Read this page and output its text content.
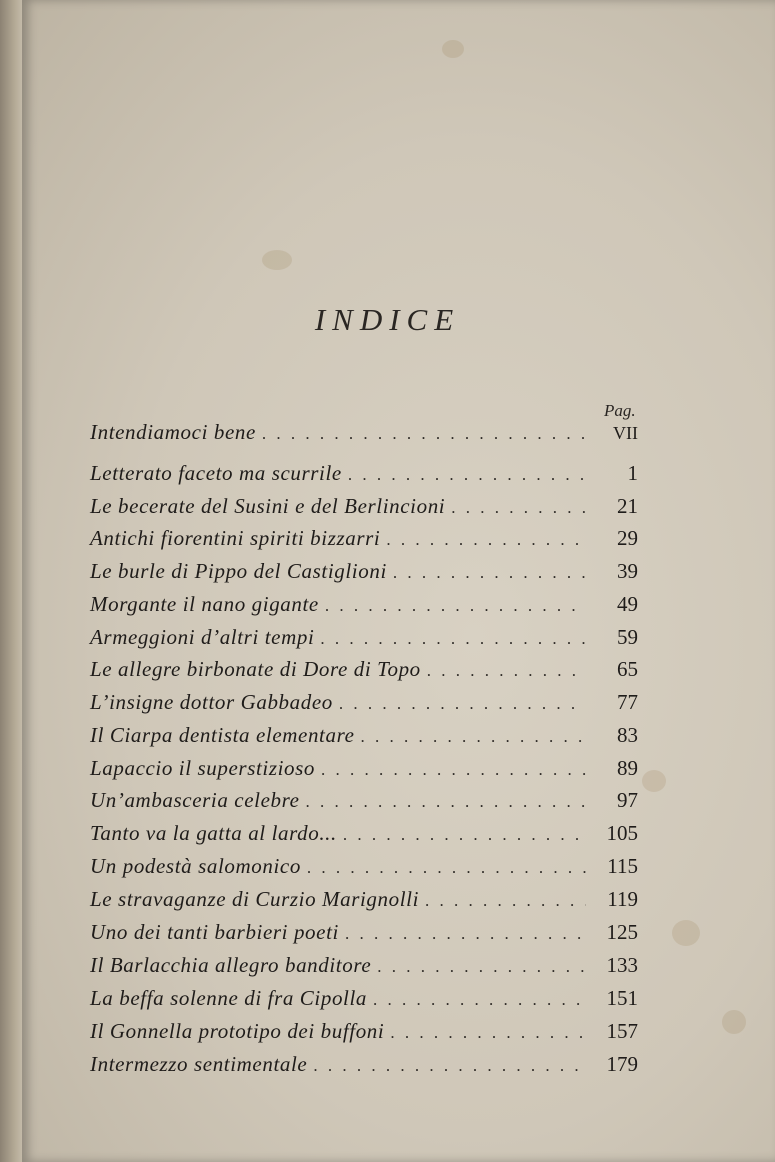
INDICE
Pag.
Intendiamoci bene . . .	VII
Letterato faceto ma scurrile . . .	1
Le becerate del Susini e del Berlincioni . . .	21
Antichi fiorentini spiriti bizzarri . . .	29
Le burle di Pippo del Castiglioni . . .	39
Morgante il nano gigante . . .	49
Armeggioni d’altri tempi . . .	59
Le allegre birbonate di Dore di Topo . . .	65
L’insigne dottor Gabbadeo . . .	77
Il Ciarpa dentista elementare . . .	83
Lapaccio il superstizioso . . .	89
Un’ambasceria celebre . . .	97
Tanto va la gatta al lardo... . . .	105
Un podestà salomonico . . .	115
Le stravaganze di Curzio Marignolli . . .	119
Uno dei tanti barbieri poeti . . .	125
Il Barlacchia allegro banditore . . .	133
La beffa solenne di fra Cipolla . . .	151
Il Gonnella prototipo dei buffoni . . .	157
Intermezzo sentimentale . . .	179
